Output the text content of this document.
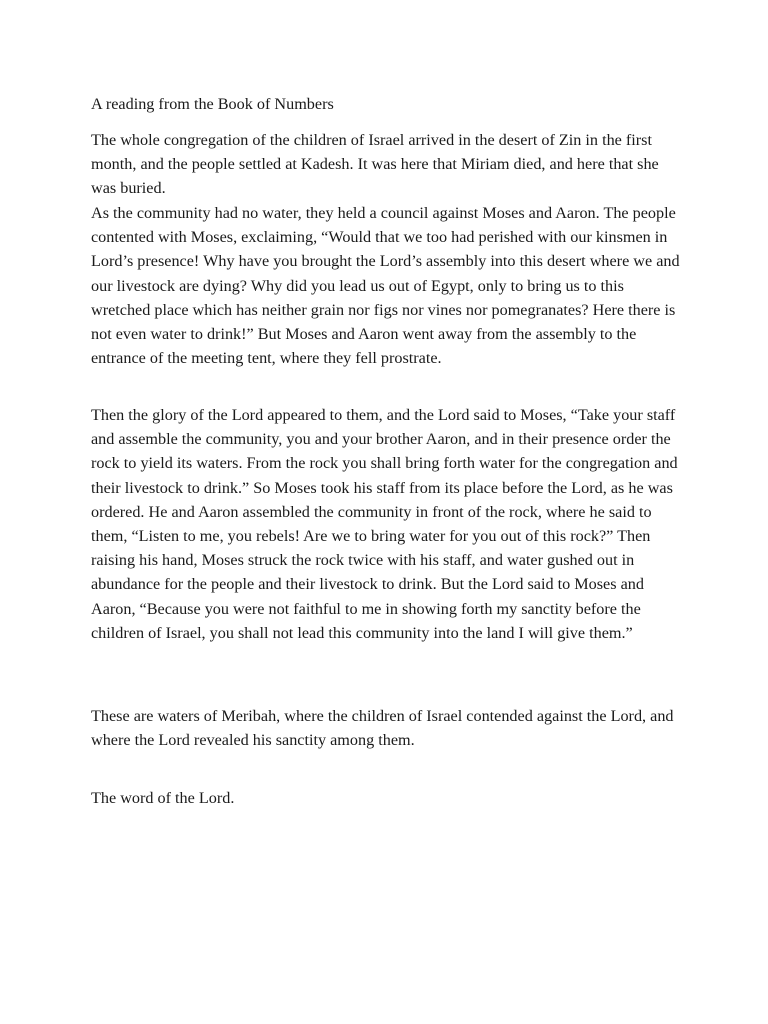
A reading from the Book of Numbers

The whole congregation of the children of Israel arrived in the desert of Zin in the first month, and the people settled at Kadesh. It was here that Miriam died, and here that she was buried.

As the community had no water, they held a council against Moses and Aaron. The people contented with Moses, exclaiming, “Would that we too had perished with our kinsmen in Lord’s presence! Why have you brought the Lord’s assembly into this desert where we and our livestock are dying? Why did you lead us out of Egypt, only to bring us to this wretched place which has neither grain nor figs nor vines nor pomegranates? Here there is not even water to drink!” But Moses and Aaron went away from the assembly to the entrance of the meeting tent, where they fell prostrate.

Then the glory of the Lord appeared to them, and the Lord said to Moses, “Take your staff and assemble the community, you and your brother Aaron, and in their presence order the rock to yield its waters. From the rock you shall bring forth water for the congregation and their livestock to drink.” So Moses took his staff from its place before the Lord, as he was ordered. He and Aaron assembled the community in front of the rock, where he said to them, “Listen to me, you rebels! Are we to bring water for you out of this rock?” Then raising his hand, Moses struck the rock twice with his staff, and water gushed out in abundance for the people and their livestock to drink. But the Lord said to Moses and Aaron, “Because you were not faithful to me in showing forth my sanctity before the children of Israel, you shall not lead this community into the land I will give them.”

These are waters of Meribah, where the children of Israel contended against the Lord, and where the Lord revealed his sanctity among them.

The word of the Lord.
